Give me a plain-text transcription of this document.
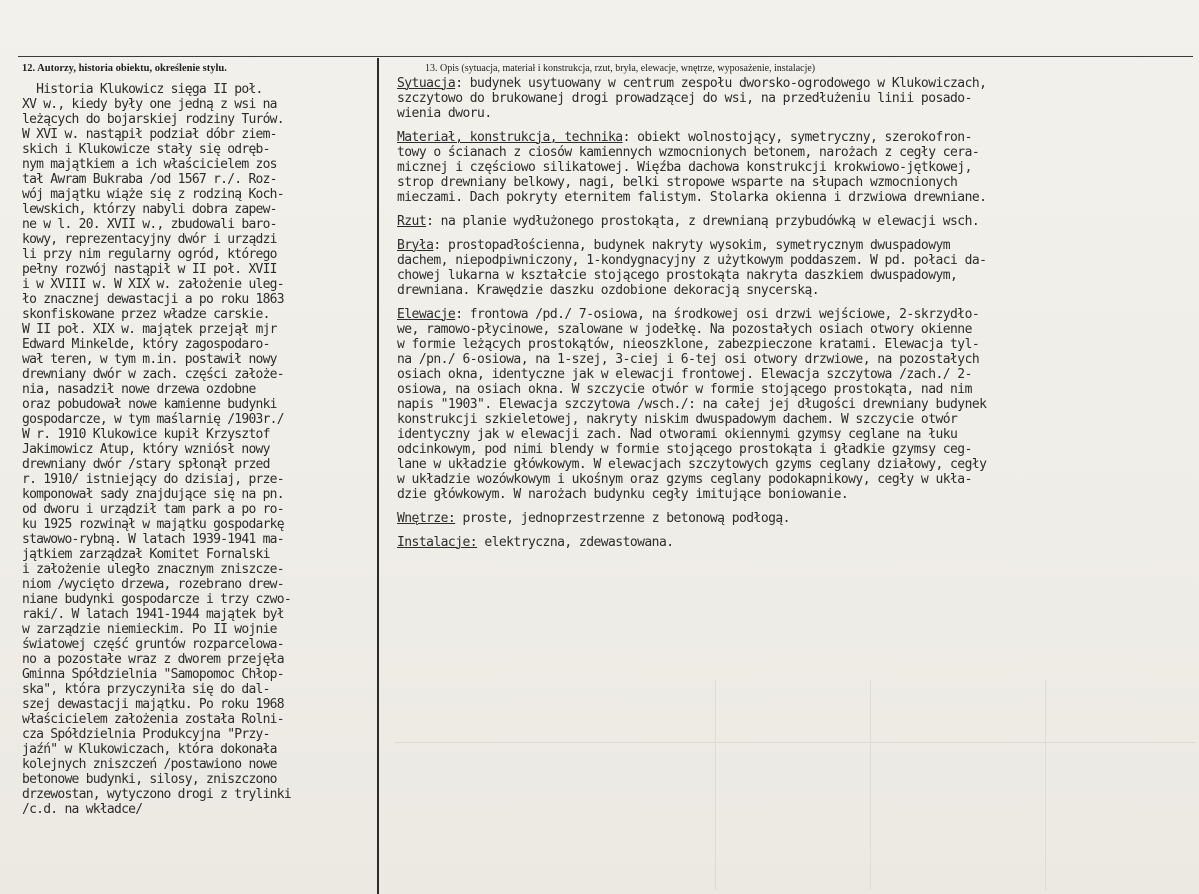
12. Autorzy, historia obiektu, określenie stylu.
Historia Klukowicz sięga II poł.
XV w., kiedy były one jedną z wsi na
leżących do bojarskiej rodziny Turów.
W XVI w. nastąpił podział dóbr ziem-
skich i Klukowicze stały się odręb-
nym majątkiem a ich właścicielem zos
tał Awram Bukraba /od 1567 r./. Roz-
wój majątku wiąże się z rodziną Koch-
lewskich, którzy nabyli dobra zapew-
ne w l. 20. XVII w., zbudowali baro-
kowy, reprezentacyjny dwór i urządzi
li przy nim regularny ogród, którego
pełny rozwój nastąpił w II poł. XVII
i w XVIII w. W XIX w. założenie uleg-
ło znacznej dewastacji a po roku 1863
skonfiskowane przez władze carskie.
W II poł. XIX w. majątek przejął mjr
Edward Minkelde, który zagospodaro-
wał teren, w tym m.in. postawił nowy
drewniany dwór w zach. części założe-
nia, nasadził nowe drzewa ozdobne
oraz pobudował nowe kamienne budynki
gospodarcze, w tym maślarnię /1903r./
W r. 1910 Klukowice kupił Krzysztof
Jakimowicz Atup, który wzniósł nowy
drewniany dwór /stary spłonął przed
r. 1910/ istniejący do dzisiaj, prze-
komponował sady znajdujące się na pn.
od dworu i urządził tam park a po ro-
ku 1925 rozwinął w majątku gospodarkę
stawowo-rybną. W latach 1939-1941 ma-
jątkiem zarządzał Komitet Fornalski
i założenie uległo znacznym zniszcze-
niom /wycięto drzewa, rozebrano drew-
niane budynki gospodarcze i trzy czwo-
raki/. W latach 1941-1944 majątek był
w zarządzie niemieckim. Po II wojnie
światowej część gruntów rozparcelowa-
no a pozostałe wraz z dworem przejęła
Gminna Spółdzielnia "Samopomoc Chłop-
ska", która przyczyniła się do dal-
szej dewastacji majątku. Po roku 1968
właścicielem założenia została Rolni-
cza Spółdzielnia Produkcyjna "Przy-
jaźń" w Klukowiczach, która dokonała
kolejnych zniszczeń /postawiono nowe
betonowe budynki, silosy, zniszczono
drzewostan, wytyczono drogi z trylinki
/c.d. na wkładce/
13. Opis (sytuacja, materiał i konstrukcja, rzut, bryła, elewacje, wnętrze, wyposażenie, instalacje)
Sytuacja: budynek usytuowany w centrum zespołu dworsko-ogrodowego w Klukowiczach,
szczytowo do brukowanej drogi prowadzącej do wsi, na przedłużeniu linii posado-
wienia dworu.
Materiał, konstrukcja, technika: obiekt wolnostojący, symetryczny, szerokofron-
towy o ścianach z ciosów kamiennych wzmocnionych betonem, narożach z cegły cera-
micznej i częściowo silikatowej. Więźba dachowa konstrukcji krokwiowo-jętkowej,
strop drewniany belkowy, nagi, belki stropowe wsparte na słupach wzmocnionych
mieczami. Dach pokryty eternitem falistym. Stolarka okienna i drzwiowa drewniane.
Rzut: na planie wydłużonego prostokąta, z drewnianą przybudówką w elewacji wsch.
Bryła: prostopadłościenna, budynek nakryty wysokim, symetrycznym dwuspadowym
dachem, niepodpiwniczony, 1-kondygnacyjny z użytkowym poddaszem. W pd. połaci da-
chowej lukarna w kształcie stojącego prostokąta nakryta daszkiem dwuspadowym,
drewniana. Krawędzie daszku ozdobione dekoracją snycerską.
Elewacje: frontowa /pd./ 7-osiowa, na środkowej osi drzwi wejściowe, 2-skrzydło-
we, ramowo-płycinowe, szalowane w jodełkę. Na pozostałych osiach otwory okienne
w formie leżących prostokątów, nieoszklone, zabezpieczone kratami. Elewacja tyl-
na /pn./ 6-osiowa, na 1-szej, 3-ciej i 6-tej osi otwory drzwiowe, na pozostałych
osiach okna, identyczne jak w elewacji frontowej. Elewacja szczytowa /zach./ 2-
osiowa, na osiach okna. W szczycie otwór w formie stojącego prostokąta, nad nim
napis "1903". Elewacja szczytowa /wsch./: na całej jej długości drewniany budynek
konstrukcji szkieletowej, nakryty niskim dwuspadowym dachem. W szczycie otwór
identyczny jak w elewacji zach. Nad otworami okiennymi gzymsy ceglane na łuku
odcinkowym, pod nimi blendy w formie stojącego prostokąta i gładkie gzymsy ceg-
lane w układzie główkowym. W elewacjach szczytowych gzyms ceglany działowy, cegły
w układzie wozówkowym i ukośnym oraz gzyms ceglany podokapnikowy, cegły w ukła-
dzie główkowym. W narożach budynku cegły imitujące boniowanie.
Wnętrze: proste, jednoprzestrzenne z betonową podłogą.
Instalacje: elektryczna, zdewastowana.
